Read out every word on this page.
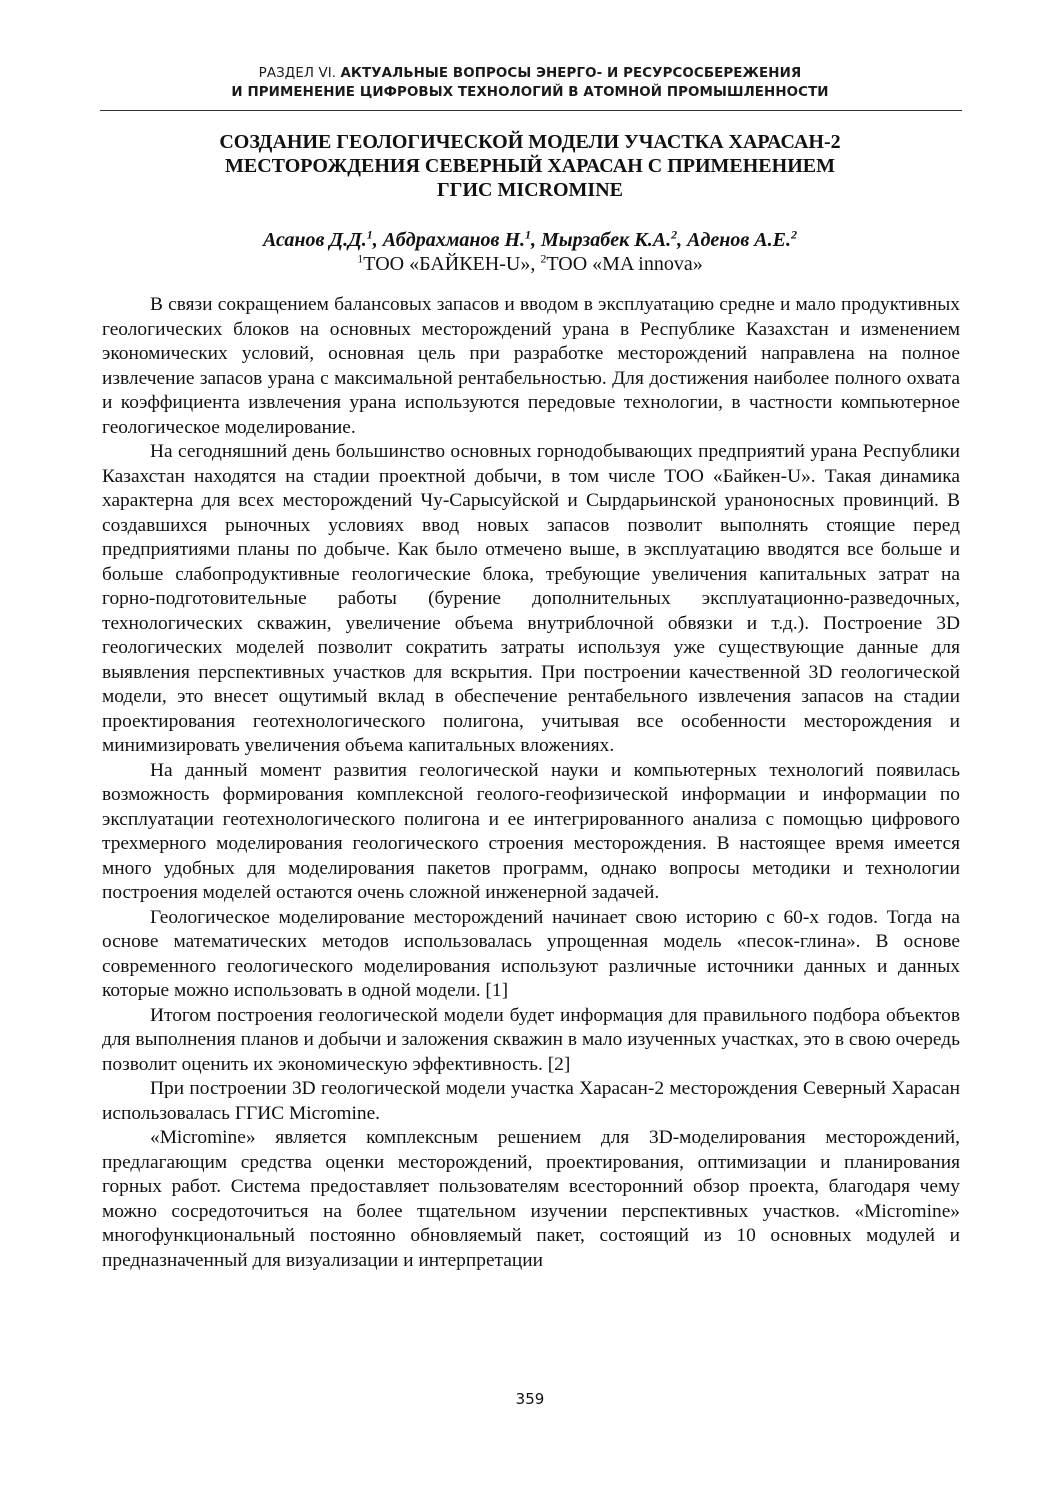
РАЗДЕЛ VI. АКТУАЛЬНЫЕ ВОПРОСЫ ЭНЕРГО- И РЕСУРСОСБЕРЕЖЕНИЯ
И ПРИМЕНЕНИЕ ЦИФРОВЫХ ТЕХНОЛОГИЙ В АТОМНОЙ ПРОМЫШЛЕННОСТИ
СОЗДАНИЕ ГЕОЛОГИЧЕСКОЙ МОДЕЛИ УЧАСТКА ХАРАСАН-2
МЕСТОРОЖДЕНИЯ СЕВЕРНЫЙ ХАРАСАН С ПРИМЕНЕНИЕМ
ГГИС MICROMINE
Асанов Д.Д.$^1$, Абдрахманов Н.$^1$, Мырзабек К.А.$^2$, Аденов А.Е.$^2$
$^1$ТОО «БАЙКЕН-U», $^2$ТОО «MA innova»

В связи сокращением балансовых запасов и вводом в эксплуатацию средне и мало продуктивных геологических блоков на основных месторождений урана в Республике Казахстан и изменением экономических условий, основная цель при разработке месторождений направлена на полное извлечение запасов урана с максимальной рентабельностью. Для достижения наиболее полного охвата и коэффициента извлечения урана используются передовые технологии, в частности компьютерное геологическое моделирование.

На сегодняшний день большинство основных горнодобывающих предприятий урана Республики Казахстан находятся на стадии проектной добычи, в том числе ТОО «Байкен-U». Такая динамика характерна для всех месторождений Чу-Сарысуйской и Сырдарьинской ураноносных провинций. В создавшихся рыночных условиях ввод новых запасов позволит выполнять стоящие перед предприятиями планы по добыче. Как было отмечено выше, в эксплуатацию вводятся все больше и больше слабопродуктивные геологические блока, требующие увеличения капитальных затрат на горно-подготовительные работы (бурение дополнительных эксплуатационно-разведочных, технологических скважин, увеличение объема внутриблочной обвязки и т.д.). Построение 3D геологических моделей позволит сократить затраты используя уже существующие данные для выявления перспективных участков для вскрытия. При построении качественной 3D геологической модели, это внесет ощутимый вклад в обеспечение рентабельного извлечения запасов на стадии проектирования геотехнологического полигона, учитывая все особенности месторождения и минимизировать увеличения объема капитальных вложениях.

На данный момент развития геологической науки и компьютерных технологий появилась возможность формирования комплексной геолого-геофизической информации и информации по эксплуатации геотехнологического полигона и ее интегрированного анализа с помощью цифрового трехмерного моделирования геологического строения месторождения. В настоящее время имеется много удобных для моделирования пакетов программ, однако вопросы методики и технологии построения моделей остаются очень сложной инженерной задачей.

Геологическое моделирование месторождений начинает свою историю с 60-х годов. Тогда на основе математических методов использовалась упрощенная модель «песок-глина». В основе современного геологического моделирования используют различные источники данных и данных которые можно использовать в одной модели. [1]

Итогом построения геологической модели будет информация для правильного подбора объектов для выполнения планов и добычи и заложения скважин в мало изученных участках, это в свою очередь позволит оценить их экономическую эффективность. [2]

При построении 3D геологической модели участка Харасан-2 месторождения Северный Харасан использовалась ГГИС Micromine.

«Micromine» является комплексным решением для 3D-моделирования месторождений, предлагающим средства оценки месторождений, проектирования, оптимизации и планирования горных работ. Система предоставляет пользователям всесторонний обзор проекта, благодаря чему можно сосредоточиться на более тщательном изучении перспективных участков. «Micromine» многофункциональный постоянно обновляемый пакет, состоящий из 10 основных модулей и предназначенный для визуализации и интерпретации

359
